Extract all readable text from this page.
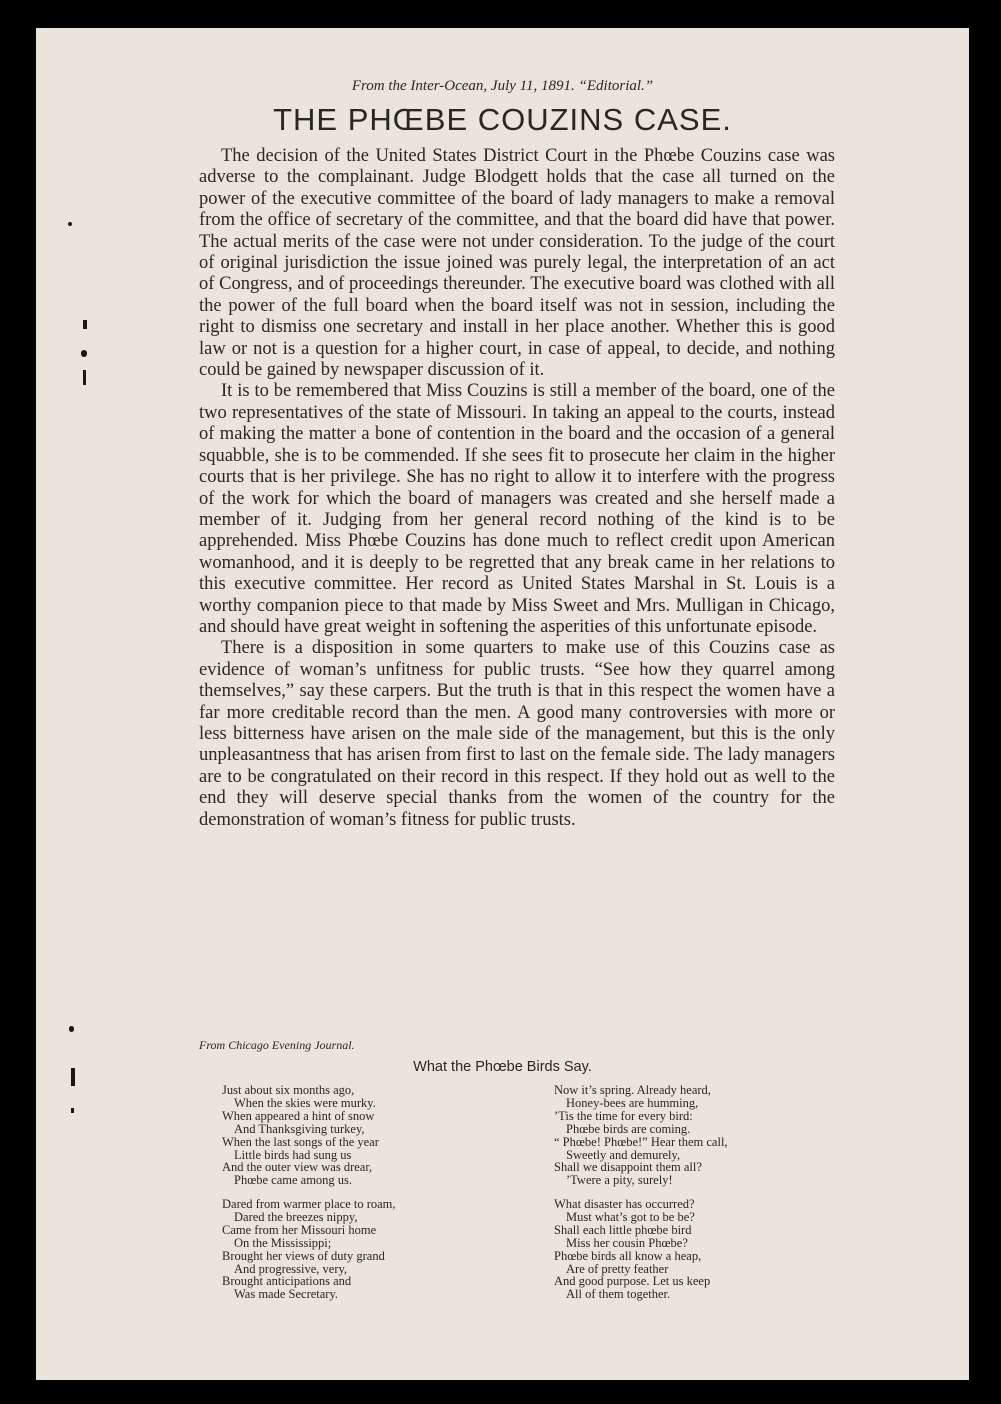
From the Inter-Ocean, July 11, 1891. “Editorial.”
THE PHŒBE COUZINS CASE.

The decision of the United States District Court in the Phœbe Couzins case was adverse to the complainant. Judge Blodgett holds that the case all turned on the power of the executive committee of the board of lady managers to make a removal from the office of secretary of the committee, and that the board did have that power. The actual merits of the case were not under consideration. To the judge of the court of original jurisdiction the issue joined was purely legal, the interpretation of an act of Congress, and of proceedings thereunder. The executive board was clothed with all the power of the full board when the board itself was not in session, including the right to dismiss one secretary and install in her place another. Whether this is good law or not is a question for a higher court, in case of appeal, to decide, and nothing could be gained by newspaper discussion of it.

It is to be remembered that Miss Couzins is still a member of the board, one of the two representatives of the state of Missouri. In taking an appeal to the courts, instead of making the matter a bone of contention in the board and the occasion of a general squabble, she is to be commended. If she sees fit to prosecute her claim in the higher courts that is her privilege. She has no right to allow it to interfere with the progress of the work for which the board of managers was created and she herself made a member of it. Judging from her general record nothing of the kind is to be apprehended. Miss Phœbe Couzins has done much to reflect credit upon American womanhood, and it is deeply to be regretted that any break came in her relations to this executive committee. Her record as United States Marshal in St. Louis is a worthy companion piece to that made by Miss Sweet and Mrs. Mulligan in Chicago, and should have great weight in softening the asperities of this unfortunate episode.

There is a disposition in some quarters to make use of this Couzins case as evidence of woman’s unfitness for public trusts. “See how they quarrel among themselves,” say these carpers. But the truth is that in this respect the women have a far more creditable record than the men. A good many controversies with more or less bitterness have arisen on the male side of the management, but this is the only unpleasantness that has arisen from first to last on the female side. The lady managers are to be congratulated on their record in this respect. If they hold out as well to the end they will deserve special thanks from the women of the country for the demonstration of woman’s fitness for public trusts.

From Chicago Evening Journal.
What the Phœbe Birds Say.
Just about six months ago,
When the skies were murky.
When appeared a hint of snow
And Thanksgiving turkey,
When the last songs of the year
Little birds had sung us
And the outer view was drear,
Phœbe came among us.
Dared from warmer place to roam,
Dared the breezes nippy,
Came from her Missouri home
On the Mississippi;
Brought her views of duty grand
And progressive, very,
Brought anticipations and
Was made Secretary.
Now it’s spring. Already heard,
Honey-bees are humming,
’Tis the time for every bird:
Phœbe birds are coming.
“ Phœbe! Phœbe!” Hear them call,
Sweetly and demurely,
Shall we disappoint them all?
’Twere a pity, surely!
What disaster has occurred?
Must what’s got to be be?
Shall each little phœbe bird
Miss her cousin Phœbe?
Phœbe birds all know a heap,
Are of pretty feather
And good purpose. Let us keep
All of them together.
